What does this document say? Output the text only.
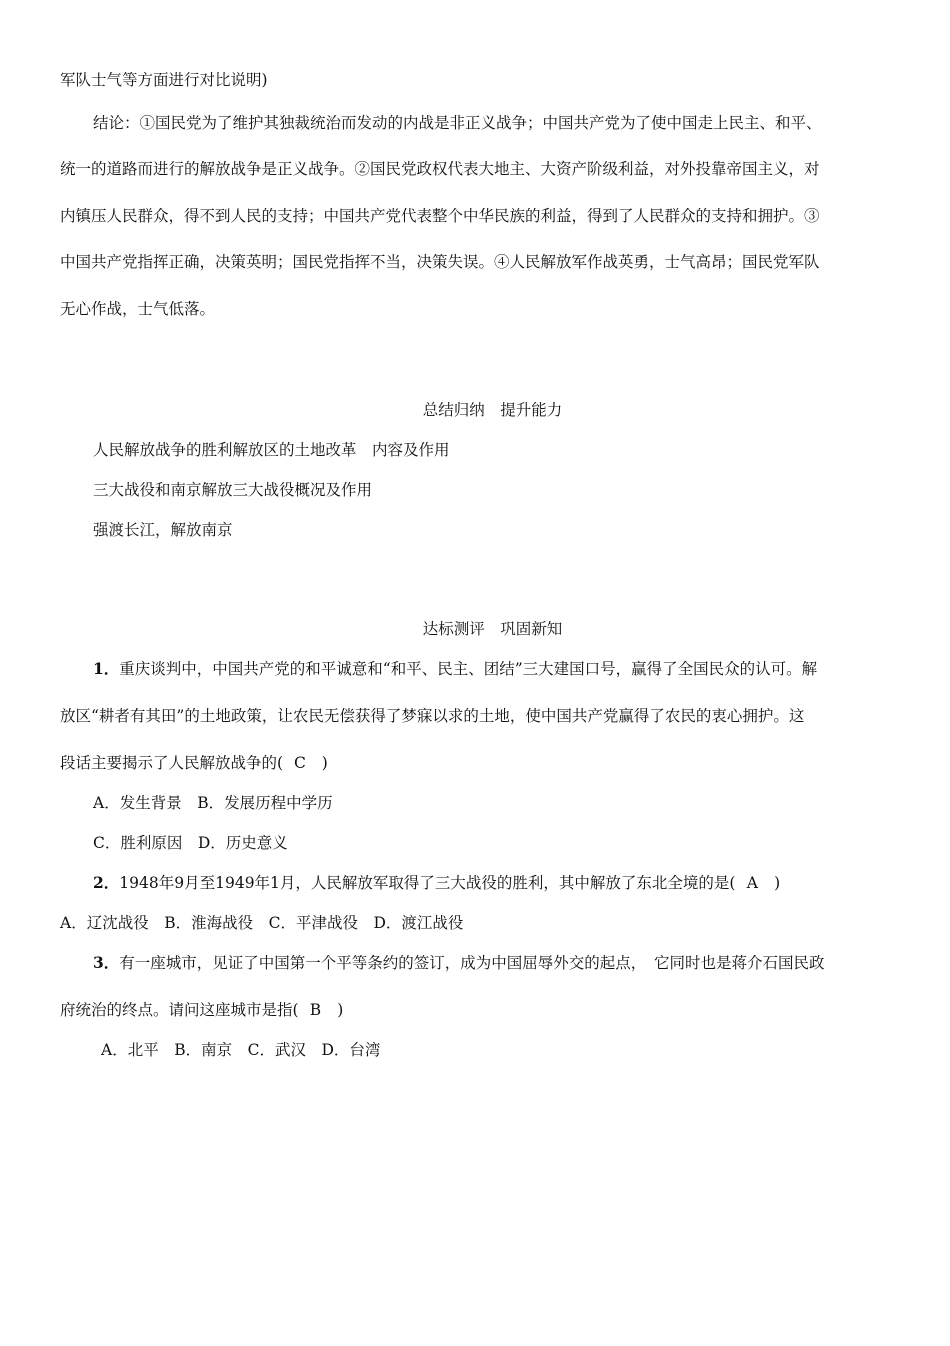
军队士气等方面进行对比说明)
结论：①国民党为了维护其独裁统治而发动的内战是非正义战争；中国共产党为了使中国走上民主、和平、
统一的道路而进行的解放战争是正义战争。②国民党政权代表大地主、大资产阶级利益，对外投靠帝国主义，对
内镇压人民群众，得不到人民的支持；中国共产党代表整个中华民族的利益，得到了人民群众的支持和拥护。③
中国共产党指挥正确，决策英明；国民党指挥不当，决策失误。④人民解放军作战英勇，士气高昂；国民党军队
无心作战，士气低落。
总结归纳　提升能力
人民解放战争的胜利解放区的土地改革　内容及作用
三大战役和南京解放三大战役概况及作用
强渡长江，解放南京
达标测评　巩固新知
1．重庆谈判中，中国共产党的和平诚意和“和平、民主、团结”三大建国口号，赢得了全国民众的认可。解
放区“耕者有其田”的土地政策，让农民无偿获得了梦寐以求的土地，使中国共产党赢得了农民的衷心拥护。这
段话主要揭示了人民解放战争的( C )
A．发生背景　B．发展历程中学历
C．胜利原因　D．历史意义
2．1948年9月至1949年1月，人民解放军取得了三大战役的胜利，其中解放了东北全境的是( A )
A．辽沈战役　B．淮海战役　C．平津战役　D．渡江战役
3．有一座城市，见证了中国第一个平等条约的签订，成为中国屈辱外交的起点，　它同时也是蒋介石国民政
府统治的终点。请问这座城市是指( B )
A．北平　B．南京　C．武汉　D．台湾
